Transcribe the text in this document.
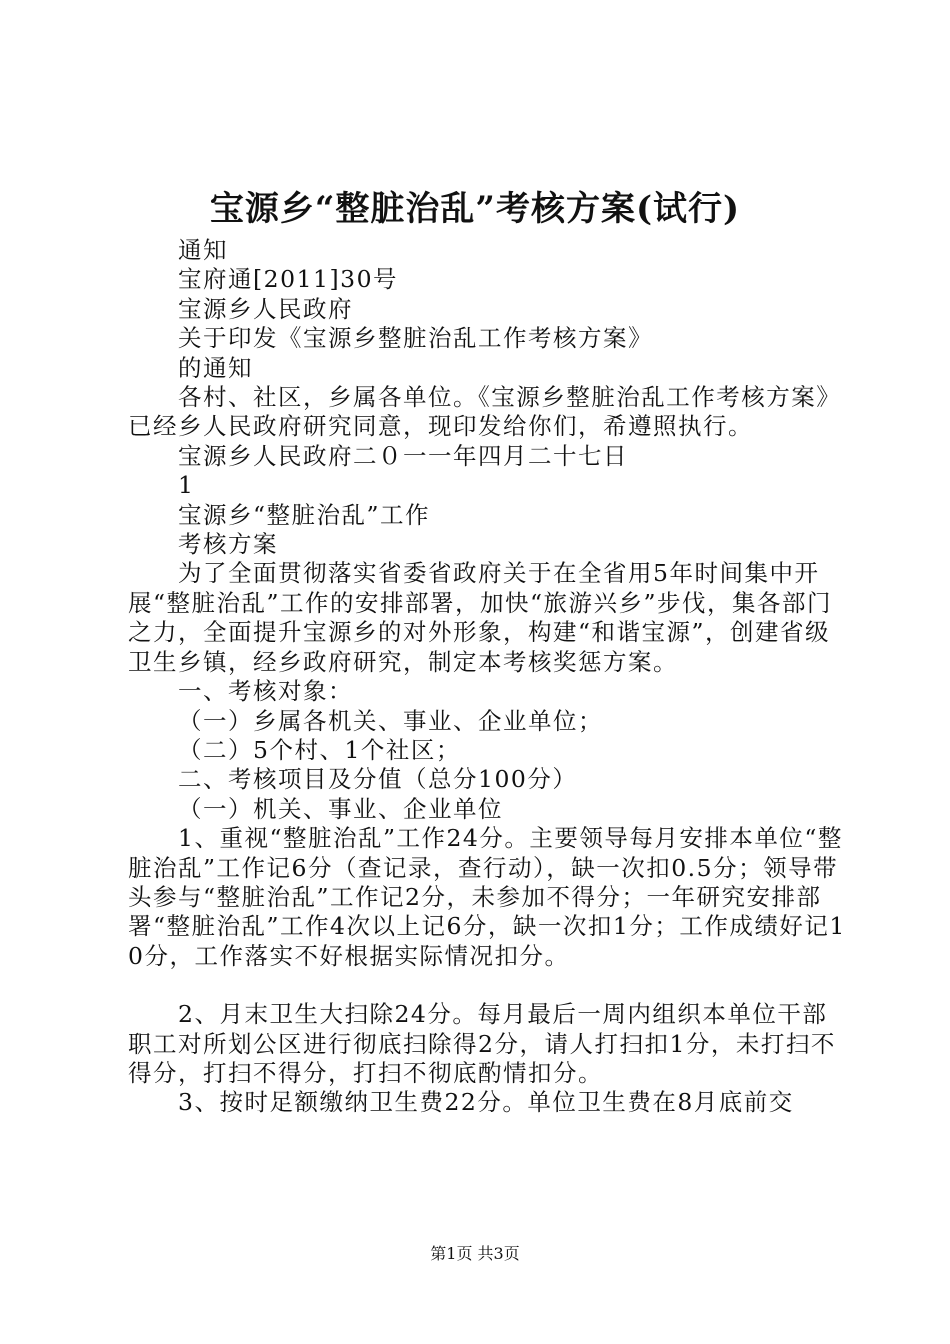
宝源乡“整脏治乱”考核方案(试行)

通知

宝府通[2011]30号

宝源乡人民政府

关于印发《宝源乡整脏治乱工作考核方案》

的通知

各村、社区，乡属各单位。《宝源乡整脏治乱工作考核方案》已经乡人民政府研究同意，现印发给你们，希遵照执行。

宝源乡人民政府二０一一年四月二十七日

1

宝源乡“整脏治乱”工作

考核方案

为了全面贯彻落实省委省政府关于在全省用5年时间集中开展“整脏治乱”工作的安排部署，加快“旅游兴乡”步伐，集各部门之力，全面提升宝源乡的对外形象，构建“和谐宝源”，创建省级卫生乡镇，经乡政府研究，制定本考核奖惩方案。

一、考核对象：

（一）乡属各机关、事业、企业单位；

（二）5个村、1个社区；

二、考核项目及分值（总分100分）

（一）机关、事业、企业单位

1、重视“整脏治乱”工作24分。主要领导每月安排本单位“整脏治乱”工作记6分（查记录，查行动），缺一次扣0.5分；领导带头参与“整脏治乱”工作记2分，未参加不得分；一年研究安排部署“整脏治乱”工作4次以上记6分，缺一次扣1分；工作成绩好记10分，工作落实不好根据实际情况扣分。

2、月末卫生大扫除24分。每月最后一周内组织本单位干部职工对所划公区进行彻底扫除得2分，请人打扫扣1分，未打扫不得分，打扫不得分，打扫不彻底酌情扣分。

3、按时足额缴纳卫生费22分。单位卫生费在8月底前交

第1页 共3页
